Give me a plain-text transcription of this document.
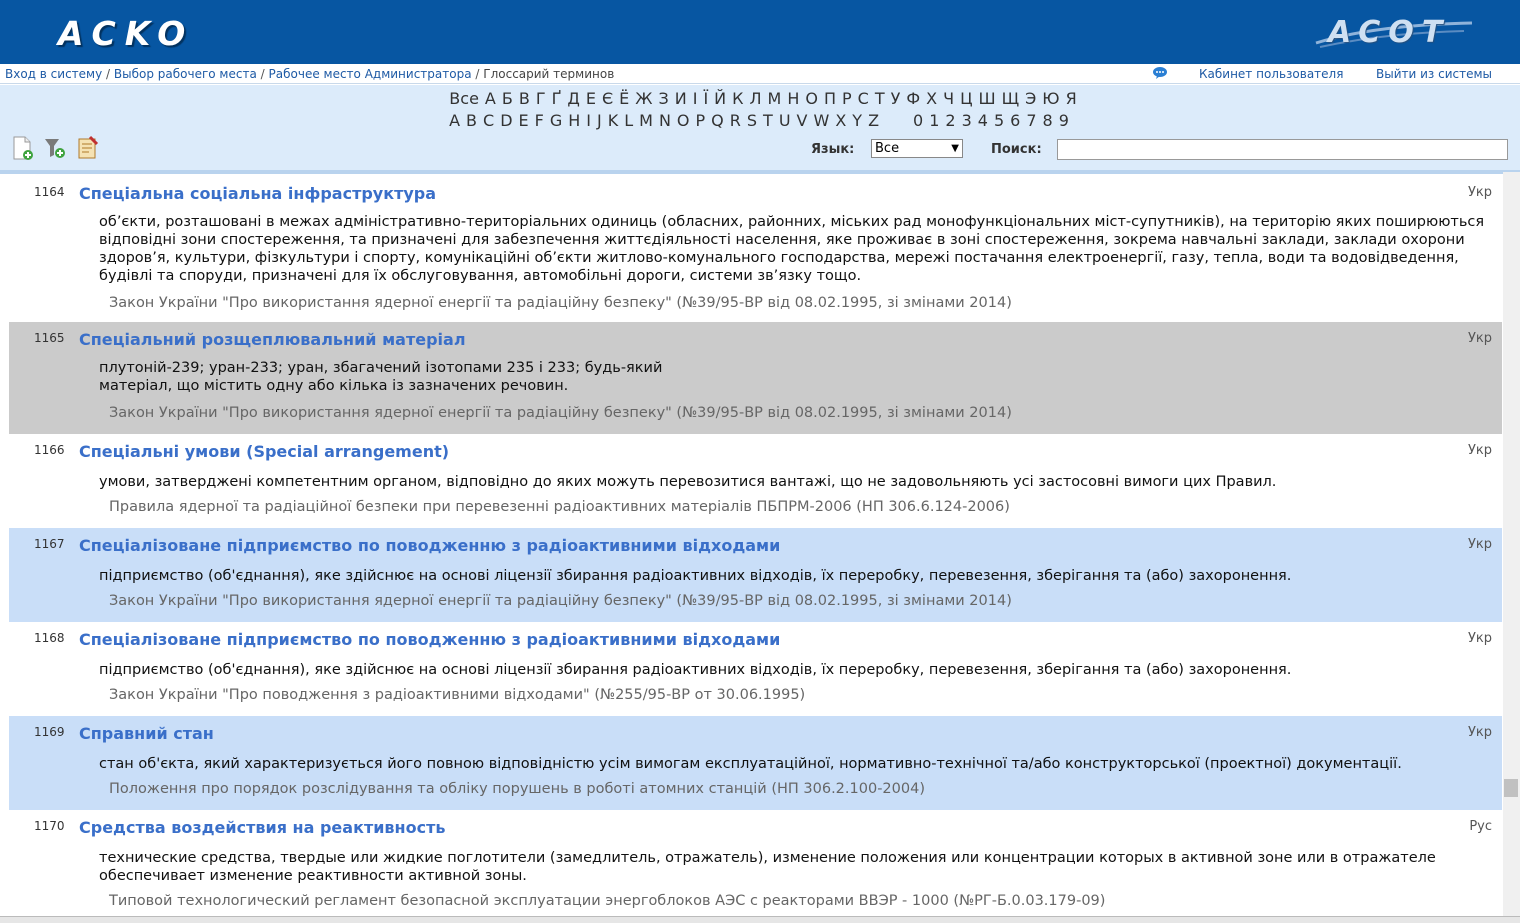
ACKO	ACOT
Вход в систему / Выбор рабочего места / Рабочее место Администратора / Глоссарий терминов	Кабинет пользователя	Выйти из системы
Все А Б В Г Ґ Д Е Є Ё Ж З И І Ї Й К Л М Н О П Р С Т У Ф Х Ч Ц Ш Щ Э Ю Я
A B C D E F G H I J K L M N O P Q R S T U V W X Y Z 0 1 2 3 4 5 6 7 8 9
Язык:	Все	▼ Поиск:
1164 Спеціальна соціальна інфраструктура	Укр
об’єкти, розташовані в межах адміністративно-територіальних одиниць (обласних, районних, міських рад монофункціональних міст-супутників), на територію яких поширюються відповідні зони спостереження, та призначені для забезпечення життєдіяльності населення, яке проживає в зоні спостереження, зокрема навчальні заклади, заклади охорони здоров’я, культури, фізкультури і спорту, комунікаційні об’єкти житлово-комунального господарства, мережі постачання електроенергії, газу, тепла, води та водовідведення, будівлі та споруди, призначені для їх обслуговування, автомобільні дороги, системи зв’язку тощо.
Закон України "Про використання ядерної енергії та радіаційну безпеку" (№39/95-ВР від 08.02.1995, зі змінами 2014)
1165 Спеціальний розщеплювальний матеріал	Укр
плутоній-239; уран-233; уран, збагачений ізотопами 235 і 233; будь-який матеріал, що містить одну або кілька із зазначених речовин.
Закон України "Про використання ядерної енергії та радіаційну безпеку" (№39/95-ВР від 08.02.1995, зі змінами 2014)
1166 Спеціальні умови (Special arrangement)	Укр
умови, затверджені компетентним органом, відповідно до яких можуть перевозитися вантажі, що не задовольняють усі застосовні вимоги цих Правил.
Правила ядерної та радіаційної безпеки при перевезенні радіоактивних матеріалів ПБПРМ-2006 (НП 306.6.124-2006)
1167 Спеціалізоване підприємство по поводженню з радіоактивними відходами	Укр
підприємство (об'єднання), яке здійснює на основі ліцензії збирання радіоактивних відходів, їх переробку, перевезення, зберігання та (або) захоронення.
Закон України "Про використання ядерної енергії та радіаційну безпеку" (№39/95-ВР від 08.02.1995, зі змінами 2014)
1168 Спеціалізоване підприємство по поводженню з радіоактивними відходами	Укр
підприємство (об'єднання), яке здійснює на основі ліцензії збирання радіоактивних відходів, їх переробку, перевезення, зберігання та (або) захоронення.
Закон України "Про поводження з радіоактивними відходами" (№255/95-ВР от 30.06.1995)
1169 Справний стан	Укр
стан об'єкта, який характеризується його повною відповідністю усім вимогам експлуатаційної, нормативно-технічної та/або конструкторської (проектної) документації.
Положення про порядок розслідування та обліку порушень в роботі атомних станцій (НП 306.2.100-2004)
1170 Средства воздействия на реактивность	Рус
технические средства, твердые или жидкие поглотители (замедлитель, отражатель), изменение положения или концентрации которых в активной зоне или в отражателе обеспечивает изменение реактивности активной зоны.
Типовой технологический регламент безопасной эксплуатации энергоблоков АЭС с реакторами ВВЭР - 1000 (№РГ-Б.0.03.179-09)
